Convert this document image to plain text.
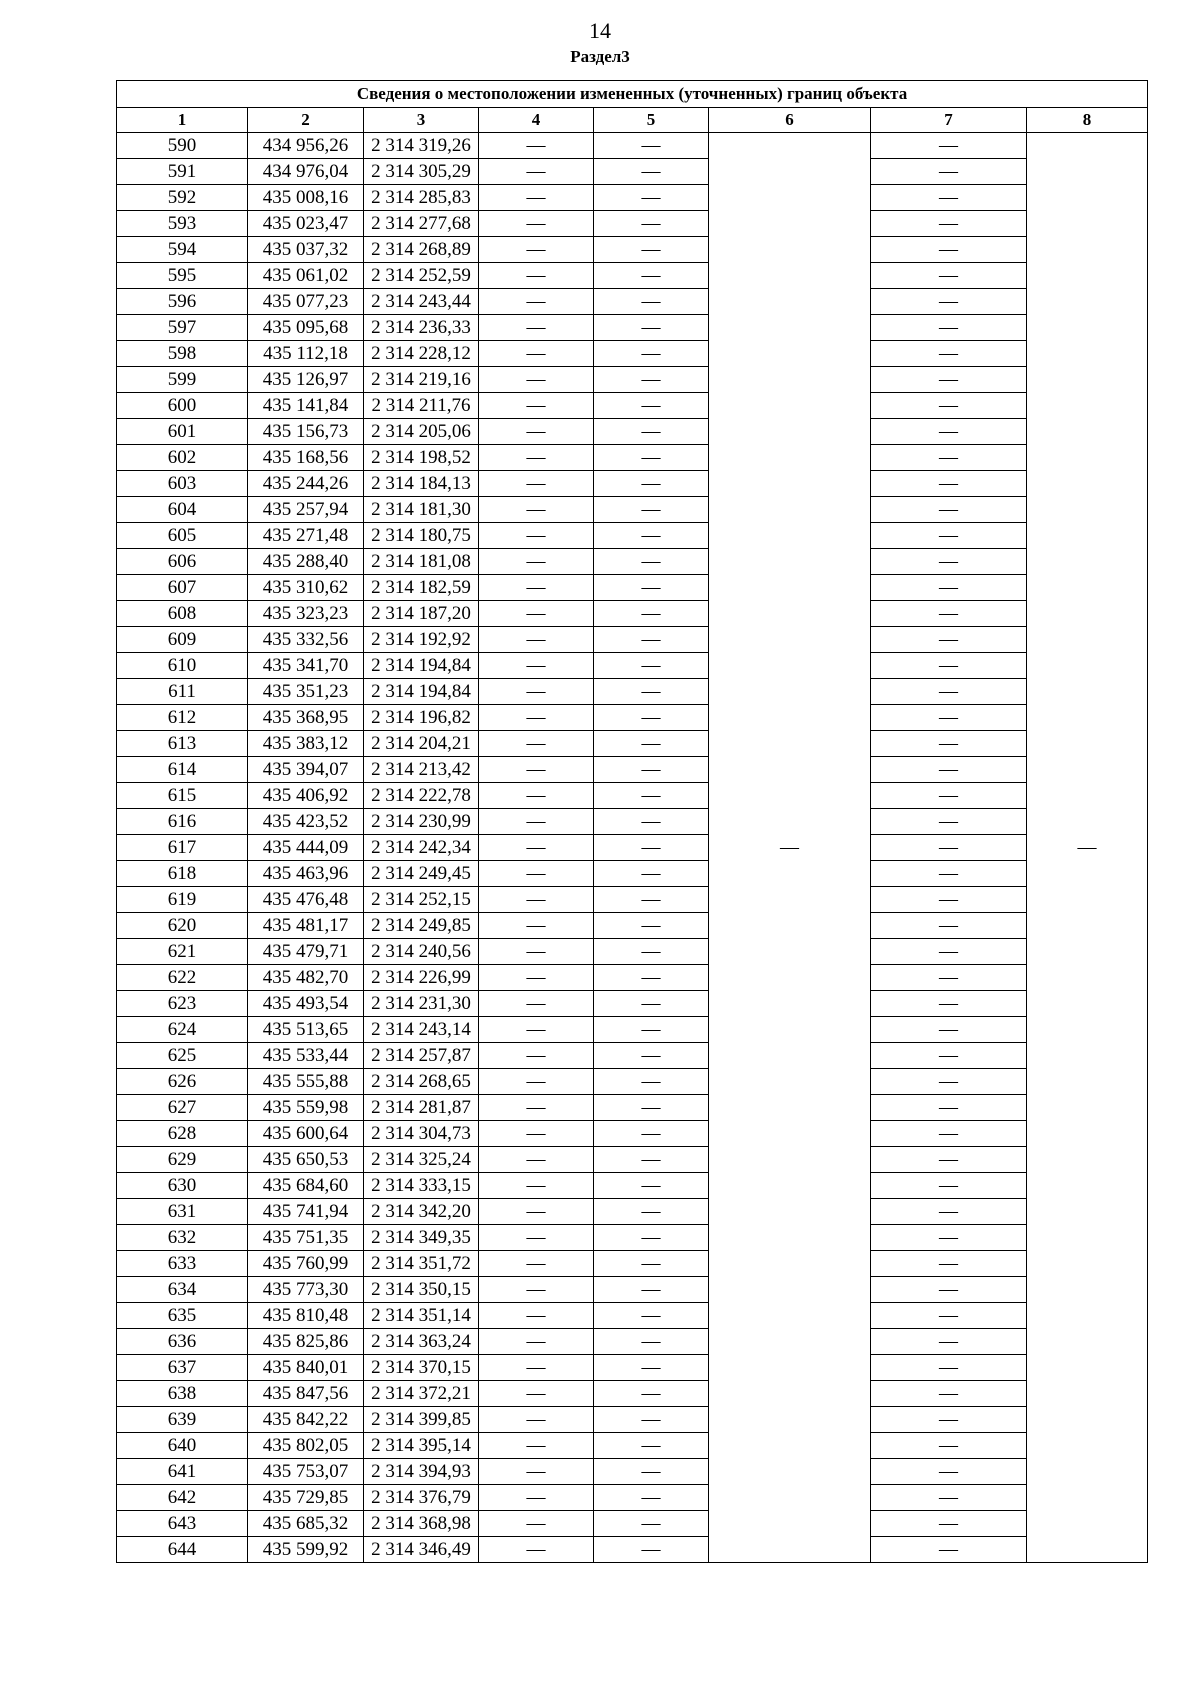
14
Раздел3
Сведения о местоположении измененных (уточненных) границ объекта							
1	2	3	4	5	6	7	8
590	434 956,26	2 314 319,26	—	—	—	—	—
591	434 976,04	2 314 305,29	—	—		—	
592	435 008,16	2 314 285,83	—	—		—	
593	435 023,47	2 314 277,68	—	—		—	
594	435 037,32	2 314 268,89	—	—		—	
595	435 061,02	2 314 252,59	—	—		—	
596	435 077,23	2 314 243,44	—	—		—	
597	435 095,68	2 314 236,33	—	—		—	
598	435 112,18	2 314 228,12	—	—		—	
599	435 126,97	2 314 219,16	—	—		—	
600	435 141,84	2 314 211,76	—	—		—	
601	435 156,73	2 314 205,06	—	—		—	
602	435 168,56	2 314 198,52	—	—		—	
603	435 244,26	2 314 184,13	—	—		—	
604	435 257,94	2 314 181,30	—	—		—	
605	435 271,48	2 314 180,75	—	—		—	
606	435 288,40	2 314 181,08	—	—		—	
607	435 310,62	2 314 182,59	—	—		—	
608	435 323,23	2 314 187,20	—	—		—	
609	435 332,56	2 314 192,92	—	—		—	
610	435 341,70	2 314 194,84	—	—		—	
611	435 351,23	2 314 194,84	—	—		—	
612	435 368,95	2 314 196,82	—	—		—	
613	435 383,12	2 314 204,21	—	—		—	
614	435 394,07	2 314 213,42	—	—		—	
615	435 406,92	2 314 222,78	—	—		—	
616	435 423,52	2 314 230,99	—	—		—	
617	435 444,09	2 314 242,34	—	—		—	
618	435 463,96	2 314 249,45	—	—		—	
619	435 476,48	2 314 252,15	—	—		—	
620	435 481,17	2 314 249,85	—	—		—	
621	435 479,71	2 314 240,56	—	—		—	
622	435 482,70	2 314 226,99	—	—		—	
623	435 493,54	2 314 231,30	—	—		—	
624	435 513,65	2 314 243,14	—	—		—	
625	435 533,44	2 314 257,87	—	—		—	
626	435 555,88	2 314 268,65	—	—		—	
627	435 559,98	2 314 281,87	—	—		—	
628	435 600,64	2 314 304,73	—	—		—	
629	435 650,53	2 314 325,24	—	—		—	
630	435 684,60	2 314 333,15	—	—		—	
631	435 741,94	2 314 342,20	—	—		—	
632	435 751,35	2 314 349,35	—	—		—	
633	435 760,99	2 314 351,72	—	—		—	
634	435 773,30	2 314 350,15	—	—		—	
635	435 810,48	2 314 351,14	—	—		—	
636	435 825,86	2 314 363,24	—	—		—	
637	435 840,01	2 314 370,15	—	—		—	
638	435 847,56	2 314 372,21	—	—		—	
639	435 842,22	2 314 399,85	—	—		—	
640	435 802,05	2 314 395,14	—	—		—	
641	435 753,07	2 314 394,93	—	—		—	
642	435 729,85	2 314 376,79	—	—		—	
643	435 685,32	2 314 368,98	—	—		—	
644	435 599,92	2 314 346,49	—	—		—	
